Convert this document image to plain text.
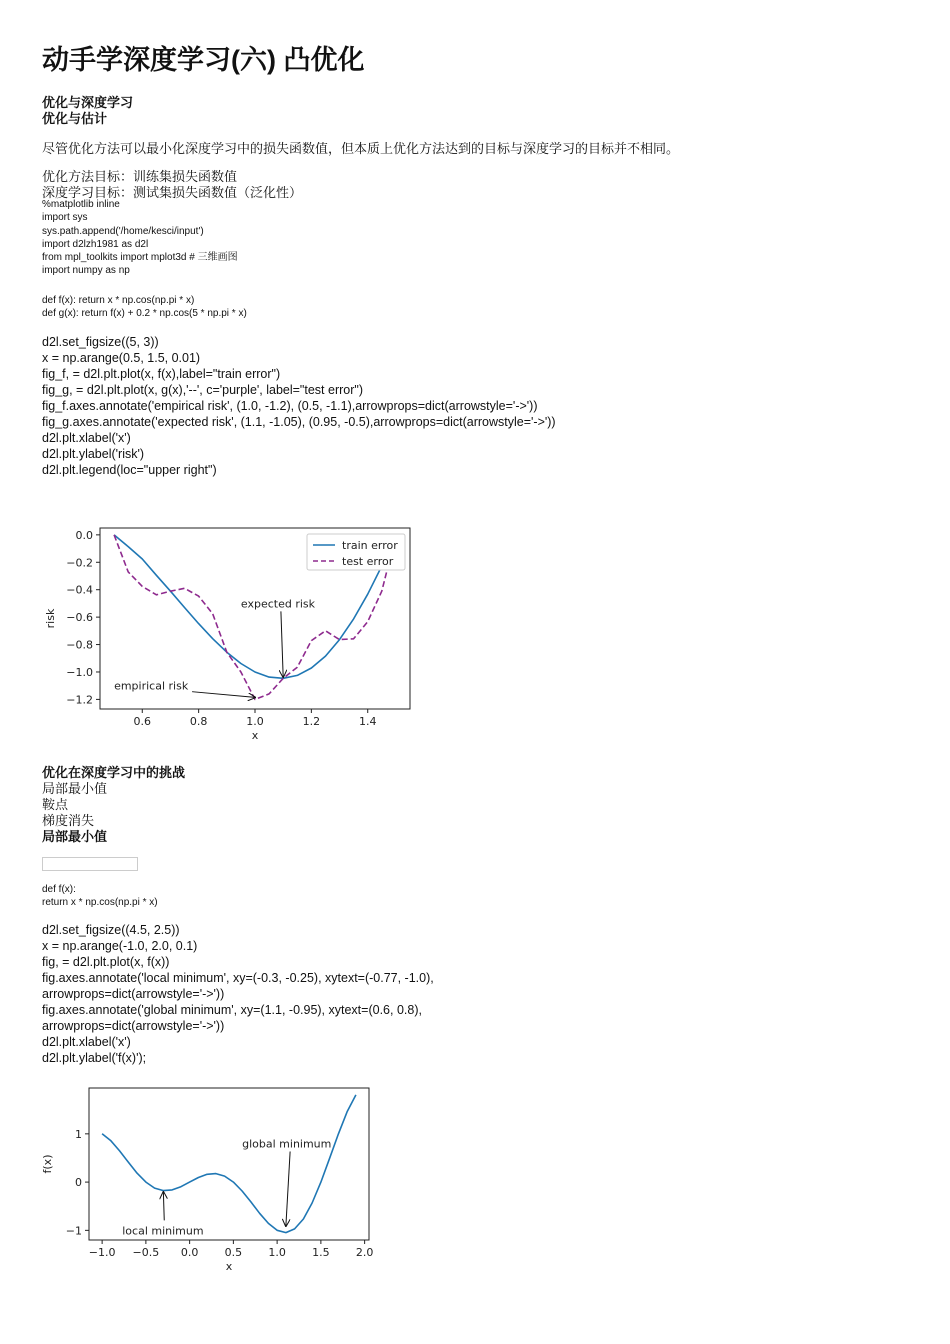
动手学深度学习(六) 凸优化
优化与深度学习
优化与估计
尽管优化方法可以最小化深度学习中的损失函数值，但本质上优化方法达到的目标与深度学习的目标并不相同。
优化方法目标：训练集损失函数值
深度学习目标：测试集损失函数值（泛化性）
%matplotlib inline
import sys
sys.path.append('/home/kesci/input')
import d2lzh1981 as d2l
from mpl_toolkits import mplot3d # 三维画图
import numpy as np
def f(x): return x * np.cos(np.pi * x)
def g(x): return f(x) + 0.2 * np.cos(5 * np.pi * x)
d2l.set_figsize((5, 3))
x = np.arange(0.5, 1.5, 0.01)
fig_f, = d2l.plt.plot(x, f(x),label="train error")
fig_g, = d2l.plt.plot(x, g(x),'--', c='purple', label="test error")
fig_f.axes.annotate('empirical risk', (1.0, -1.2), (0.5, -1.1),arrowprops=dict(arrowstyle='->'))
fig_g.axes.annotate('expected risk', (1.1, -1.05), (0.95, -0.5),arrowprops=dict(arrowstyle='->'))
d2l.plt.xlabel('x')
d2l.plt.ylabel('risk')
d2l.plt.legend(loc="upper right")
优化在深度学习中的挑战
局部最小值
鞍点
梯度消失
局部最小值
def f(x):
return x * np.cos(np.pi * x)
d2l.set_figsize((4.5, 2.5))
x = np.arange(-1.0, 2.0, 0.1)
fig, = d2l.plt.plot(x, f(x))
fig.axes.annotate('local minimum', xy=(-0.3, -0.25), xytext=(-0.77, -1.0),
arrowprops=dict(arrowstyle='->'))
fig.axes.annotate('global minimum', xy=(1.1, -0.95), xytext=(0.6, 0.8),
arrowprops=dict(arrowstyle='->'))
d2l.plt.xlabel('x')
d2l.plt.ylabel('f(x)');
0.6	0.8	1.0	1.2	1.4
0.0
−0.2
−0.4
−0.6
−0.8
−1.0
−1.2
x
risk
empirical risk
expected risk
train error
test error
−1.0 −0.5 0.0 0.5 1.0 1.5 2.0
1
0
−1
x
f(x)
local minimum
global minimum
